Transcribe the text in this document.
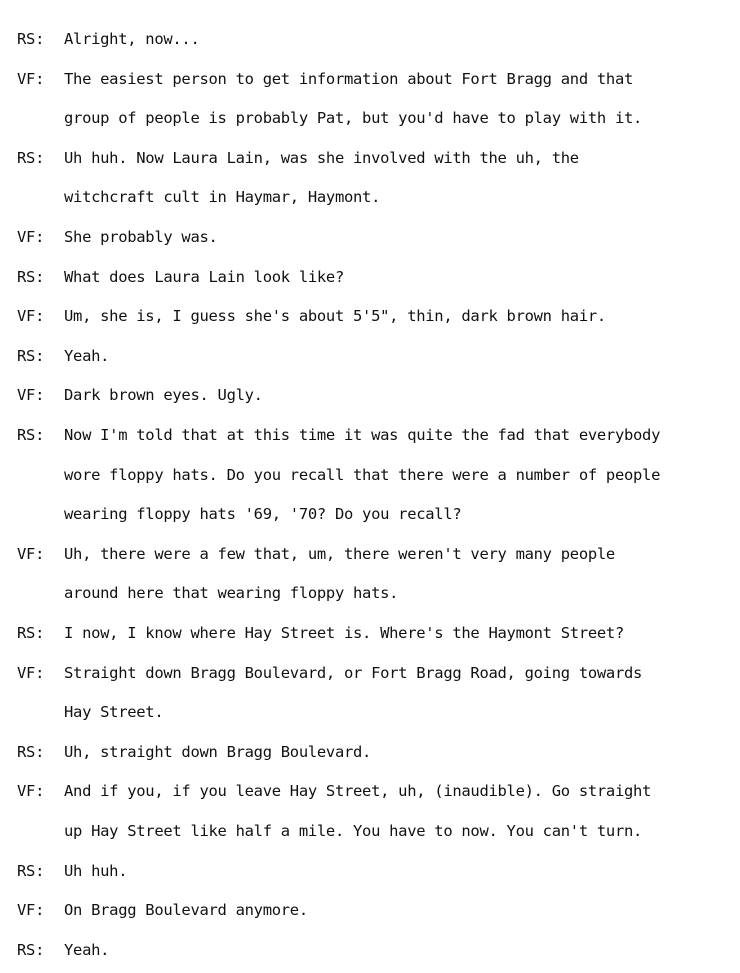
RS:	Alright, now...
VF:	The easiest person to get information about Fort Bragg and that
group of people is probably Pat, but you'd have to play with it.
RS:	Uh huh. Now Laura Lain, was she involved with the uh, the
witchcraft cult in Haymar, Haymont.
VF:	She probably was.
RS:	What does Laura Lain look like?
VF:	Um, she is, I guess she's about 5'5", thin, dark brown hair.
RS:	Yeah.
VF:	Dark brown eyes. Ugly.
RS:	Now I'm told that at this time it was quite the fad that everybody
wore floppy hats. Do you recall that there were a number of people
wearing floppy hats '69, '70? Do you recall?
VF:	Uh, there were a few that, um, there weren't very many people
around here that wearing floppy hats.
RS:	I now, I know where Hay Street is. Where's the Haymont Street?
VF:	Straight down Bragg Boulevard, or Fort Bragg Road, going towards
Hay Street.
RS:	Uh, straight down Bragg Boulevard.
VF:	And if you, if you leave Hay Street, uh, (inaudible). Go straight
up Hay Street like half a mile. You have to now. You can't turn.
RS:	Uh huh.
VF:	On Bragg Boulevard anymore.
RS:	Yeah.
